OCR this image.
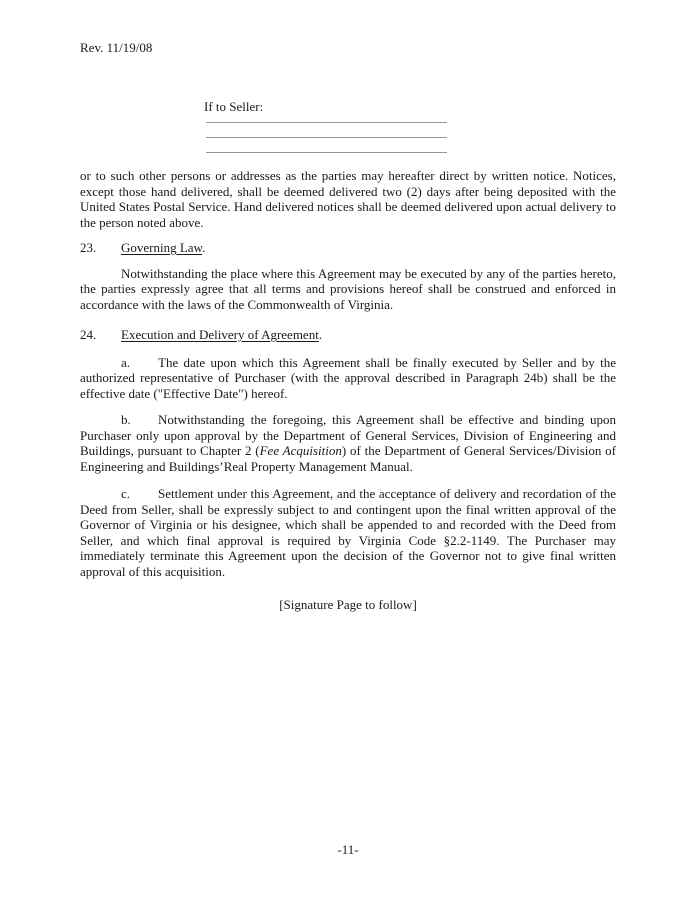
Rev. 11/19/08
If to Seller:

or to such other persons or addresses as the parties may hereafter direct by written notice. Notices, except those hand delivered, shall be deemed delivered two (2) days after being deposited with the United States Postal Service. Hand delivered notices shall be deemed delivered upon actual delivery to the person noted above.

23. Governing Law.

Notwithstanding the place where this Agreement may be executed by any of the parties hereto, the parties expressly agree that all terms and provisions hereof shall be construed and enforced in accordance with the laws of the Commonwealth of Virginia.

24. Execution and Delivery of Agreement.

a. The date upon which this Agreement shall be finally executed by Seller and by the authorized representative of Purchaser (with the approval described in Paragraph 24b) shall be the effective date ("Effective Date") hereof.

b. Notwithstanding the foregoing, this Agreement shall be effective and binding upon Purchaser only upon approval by the Department of General Services, Division of Engineering and Buildings, pursuant to Chapter 2 (Fee Acquisition) of the Department of General Services/Division of Engineering and Buildings’Real Property Management Manual.

c. Settlement under this Agreement, and the acceptance of delivery and recordation of the Deed from Seller, shall be expressly subject to and contingent upon the final written approval of the Governor of Virginia or his designee, which shall be appended to and recorded with the Deed from Seller, and which final approval is required by Virginia Code §2.2-1149. The Purchaser may immediately terminate this Agreement upon the decision of the Governor not to give final written approval of this acquisition.

[Signature Page to follow]
-11-
